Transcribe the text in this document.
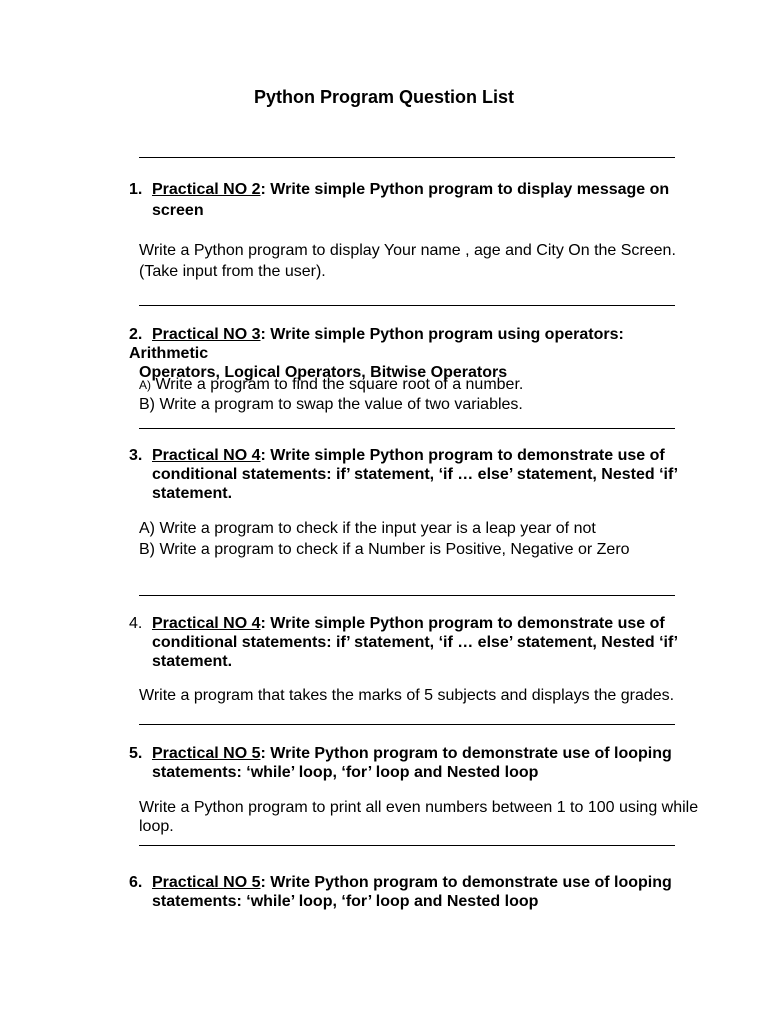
Python Program Question List
1. Practical NO 2: Write simple Python program to display message on
screen
Write a Python program to display Your name , age and City On the Screen.
(Take input from the user).
2. Practical NO 3: Write simple Python program using operators: Arithmetic
Operators, Logical Operators, Bitwise Operators
A) Write a program to find the square root of a number.
B) Write a program to swap the value of two variables.
3. Practical NO 4: Write simple Python program to demonstrate use of
conditional statements: if’ statement, ‘if … else’ statement, Nested ‘if’
statement.
A) Write a program to check if the input year is a leap year of not
B) Write a program to check if a Number is Positive, Negative or Zero
4. Practical NO 4: Write simple Python program to demonstrate use of
conditional statements: if’ statement, ‘if … else’ statement, Nested ‘if’
statement.
Write a program that takes the marks of 5 subjects and displays the grades.
5. Practical NO 5: Write Python program to demonstrate use of looping
statements: ‘while’ loop, ‘for’ loop and Nested loop
Write a Python program to print all even numbers between 1 to 100 using while
loop.
6. Practical NO 5: Write Python program to demonstrate use of looping
statements: ‘while’ loop, ‘for’ loop and Nested loop
